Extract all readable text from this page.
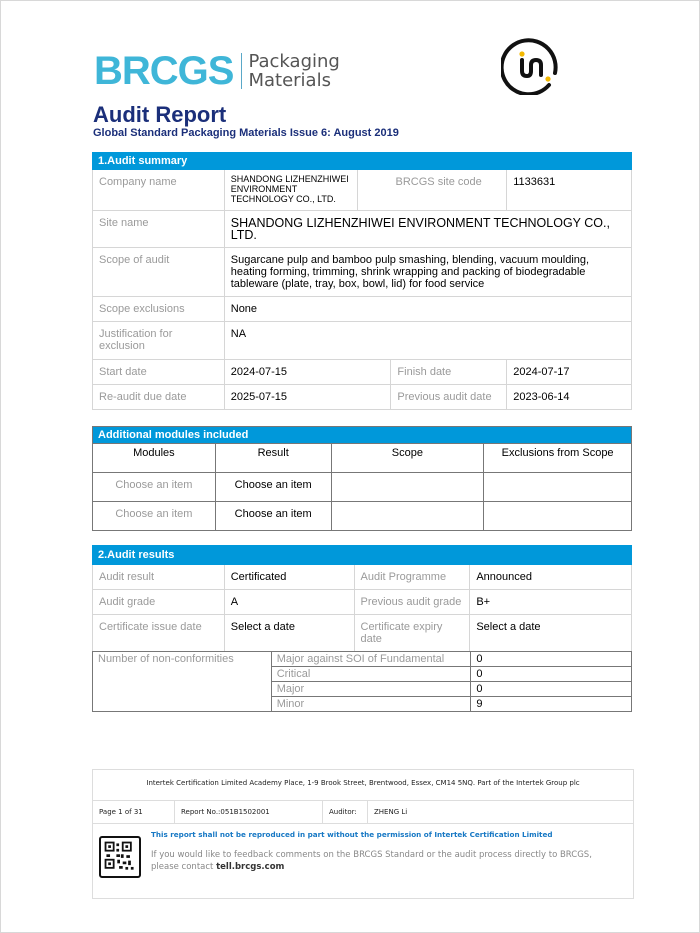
BRCGS Packaging
Materials
Audit Report
Global Standard Packaging Materials Issue 6: August 2019
1.Audit summary				
Company name	SHANDONG LIZHENZHIWEI ENVIRONMENT TECHNOLOGY CO., LTD.	BRCGS site code		1133631
Site name	SHANDONG LIZHENZHIWEI ENVIRONMENT TECHNOLOGY CO., LTD.			
Scope of audit	Sugarcane pulp and bamboo pulp smashing, blending, vacuum moulding, heating forming, trimming, shrink wrapping and packing of biodegradable tableware (plate, tray, box, bowl, lid) for food service			
Scope exclusions	None			
Justification for exclusion	NA			
Start date	2024-07-15		Finish date	2024-07-17
Re-audit due date	2025-07-15		Previous audit date	2023-06-14
Additional modules included			
Modules	Result	Scope	Exclusions from Scope
Choose an item	Choose an item		
Choose an item	Choose an item		
2.Audit results			
Audit result	Certificated	Audit Programme	Announced
Audit grade	A	Previous audit grade	B+
Certificate issue date	Select a date	Certificate expiry date	Select a date
Number of non-conformities	Major against SOI of Fundamental	0
	Critical	0
	Major	0
	Minor	9
Intertek Certification Limited Academy Place, 1-9 Brook Street, Brentwood, Essex, CM14 5NQ. Part of the Intertek Group plc
Page 1 of 31	Report No.:051B1502001	Auditor:	ZHENG Li
This report shall not be reproduced in part without the permission of Intertek Certification Limited
If you would like to feedback comments on the BRCGS Standard or the audit process directly to BRCGS, please contact tell.brcgs.com
